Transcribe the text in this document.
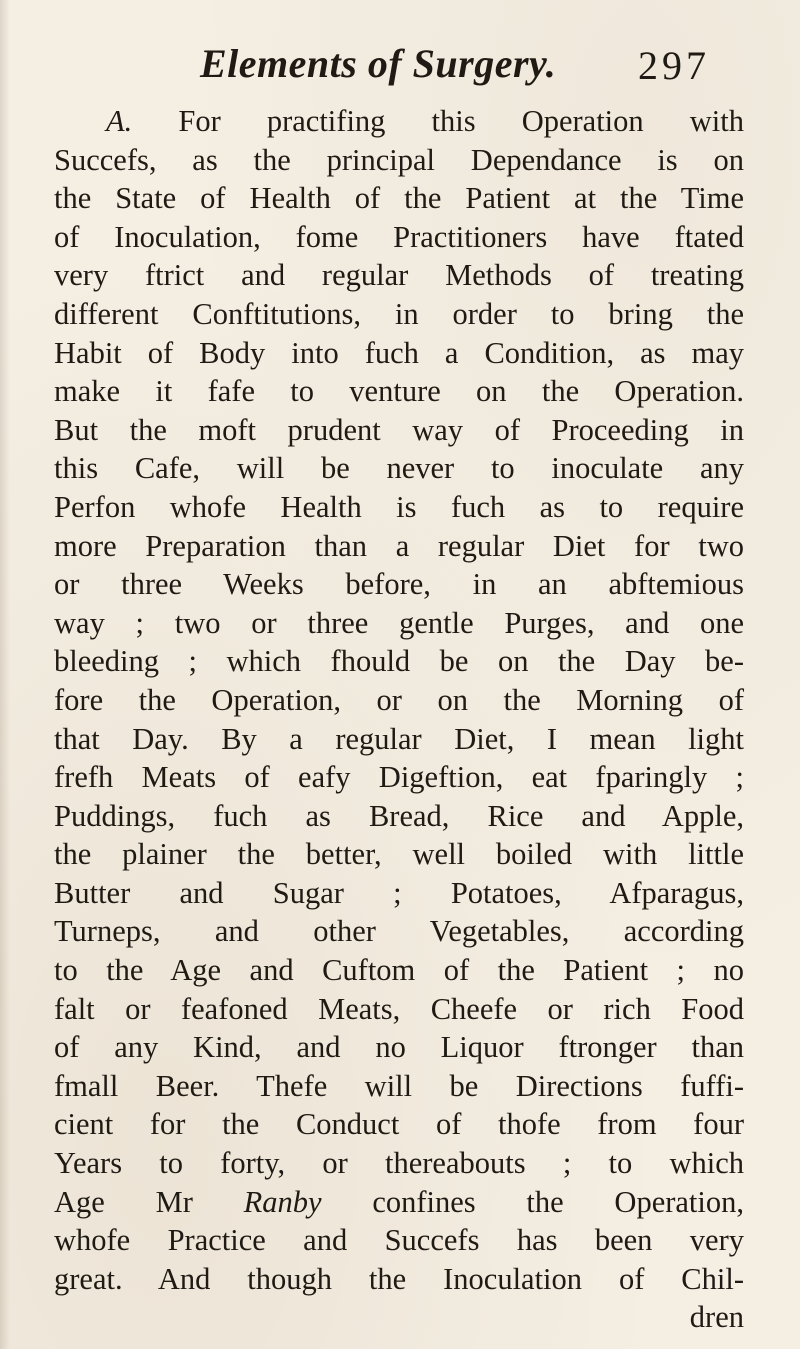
Elements of Surgery. 297
A. For practifing this Operation with
Succefs, as the principal Dependance is on
the State of Health of the Patient at the Time
of Inoculation, fome Practitioners have ftated
very ftrict and regular Methods of treating
different Conftitutions, in order to bring the
Habit of Body into fuch a Condition, as may
make it fafe to venture on the Operation.
But the moft prudent way of Proceeding in
this Cafe, will be never to inoculate any
Perfon whofe Health is fuch as to require
more Preparation than a regular Diet for two
or three Weeks before, in an abftemious
way ; two or three gentle Purges, and one
bleeding ; which fhould be on the Day be-
fore the Operation, or on the Morning of
that Day. By a regular Diet, I mean light
frefh Meats of eafy Digeftion, eat fparingly ;
Puddings, fuch as Bread, Rice and Apple,
the plainer the better, well boiled with little
Butter and Sugar ; Potatoes, Afparagus,
Turneps, and other Vegetables, according
to the Age and Cuftom of the Patient ; no
falt or feafoned Meats, Cheefe or rich Food
of any Kind, and no Liquor ftronger than
fmall Beer. Thefe will be Directions fuffi-
cient for the Conduct of thofe from four
Years to forty, or thereabouts ; to which
Age Mr Ranby confines the Operation,
whofe Practice and Succefs has been very
great. And though the Inoculation of Chil-
dren
